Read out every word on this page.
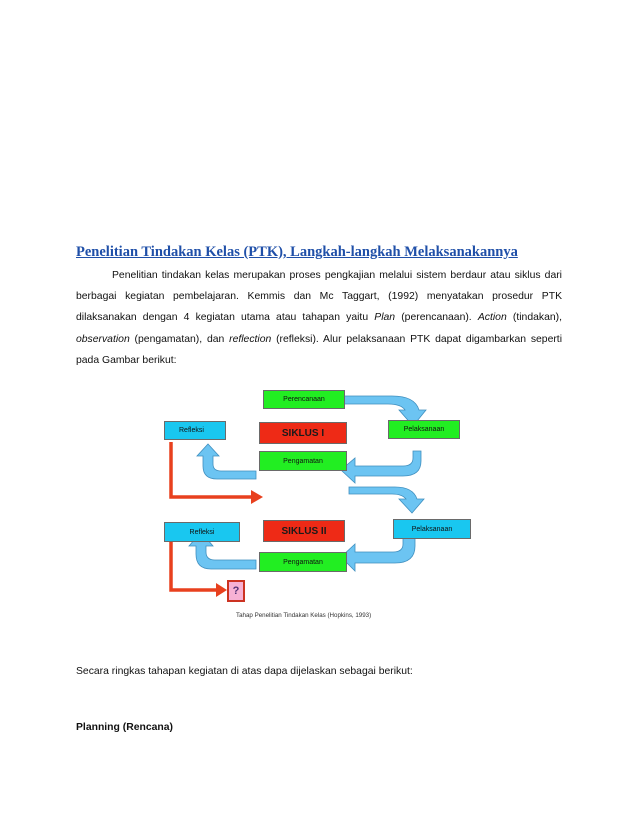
Penelitian Tindakan Kelas (PTK), Langkah-langkah Melaksanakannya

Penelitian tindakan kelas merupakan proses pengkajian melalui sistem berdaur atau siklus dari berbagai kegiatan pembelajaran. Kemmis dan Mc Taggart, (1992) menyatakan prosedur PTK dilaksanakan dengan 4 kegiatan utama atau tahapan yaitu Plan (perencanaan). Action (tindakan), observation (pengamatan), dan reflection (refleksi). Alur pelaksanaan PTK dapat digambarkan seperti pada Gambar berikut:

Perencanaan
Refleksi	SIKLUS I	Pelaksanaan
Pengamatan
Refleksi	SIKLUS II	Pelaksanaan
Pengamatan
?
Tahap Penelitian Tindakan Kelas (Hopkins, 1993)

Secara ringkas tahapan kegiatan di atas dapa dijelaskan sebagai berikut:

Planning (Rencana)
